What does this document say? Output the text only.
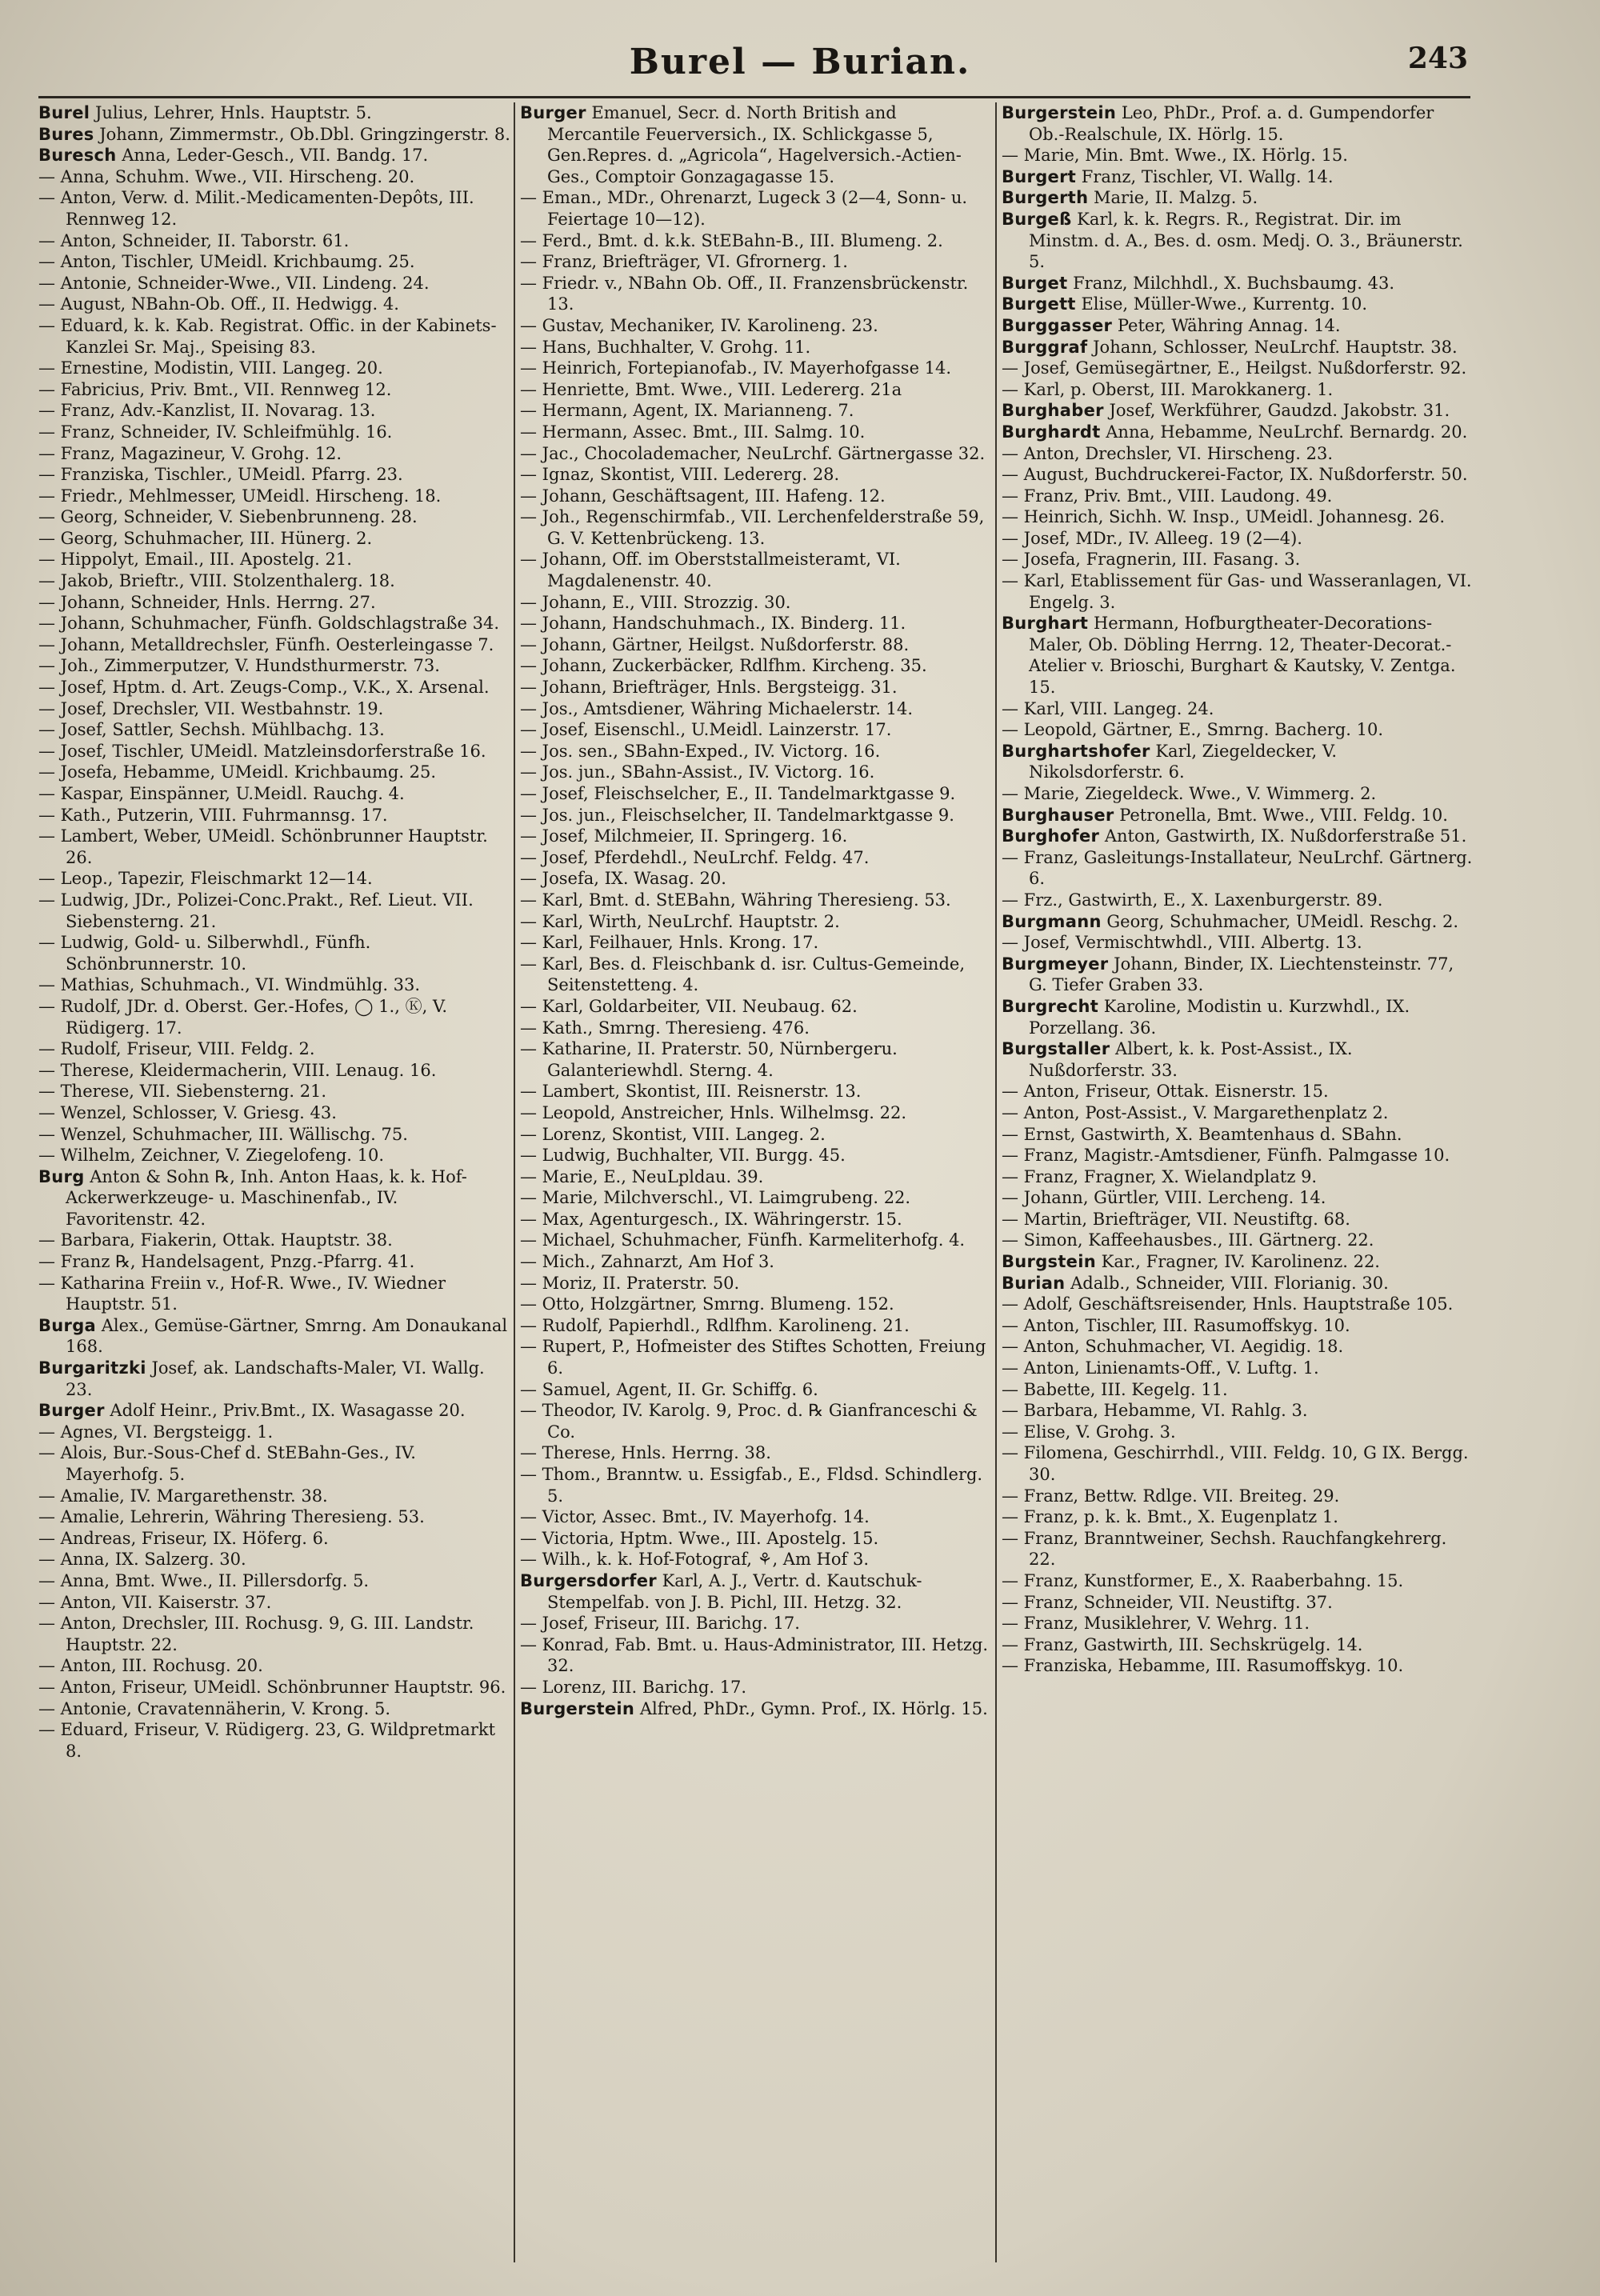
Burel — Burian.	243

Burel Julius, Lehrer, Hnls. Hauptstr. 5.

Bures Johann, Zimmermstr., Ob.Dbl. Gringzingerstr. 8.

Buresch Anna, Leder-Gesch., VII. Bandg. 17.

— Anna, Schuhm. Wwe., VII. Hirscheng. 20.

— Anton, Verw. d. Milit.-Medicamenten-Depôts, III. Rennweg 12.

— Anton, Schneider, II. Taborstr. 61.

— Anton, Tischler, UMeidl. Krichbaumg. 25.

— Antonie, Schneider-Wwe., VII. Lindeng. 24.

— August, NBahn-Ob. Off., II. Hedwigg. 4.

— Eduard, k. k. Kab. Registrat. Offic. in der Kabinets-Kanzlei Sr. Maj., Speising 83.

— Ernestine, Modistin, VIII. Langeg. 20.

— Fabricius, Priv. Bmt., VII. Rennweg 12.

— Franz, Adv.-Kanzlist, II. Novarag. 13.

— Franz, Schneider, IV. Schleifmühlg. 16.

— Franz, Magazineur, V. Grohg. 12.

— Franziska, Tischler., UMeidl. Pfarrg. 23.

— Friedr., Mehlmesser, UMeidl. Hirscheng. 18.

— Georg, Schneider, V. Siebenbrunneng. 28.

— Georg, Schuhmacher, III. Hünerg. 2.

— Hippolyt, Email., III. Apostelg. 21.

— Jakob, Brieftr., VIII. Stolzenthalerg. 18.

— Johann, Schneider, Hnls. Herrng. 27.

— Johann, Schuhmacher, Fünfh. Goldschlagstraße 34.

— Johann, Metalldrechsler, Fünfh. Oesterleingasse 7.

— Joh., Zimmerputzer, V. Hundsthurmerstr. 73.

— Josef, Hptm. d. Art. Zeugs-Comp., V.K., X. Arsenal.

— Josef, Drechsler, VII. Westbahnstr. 19.

— Josef, Sattler, Sechsh. Mühlbachg. 13.

— Josef, Tischler, UMeidl. Matzleinsdorferstraße 16.

— Josefa, Hebamme, UMeidl. Krichbaumg. 25.

— Kaspar, Einspänner, U.Meidl. Rauchg. 4.

— Kath., Putzerin, VIII. Fuhrmannsg. 17.

— Lambert, Weber, UMeidl. Schönbrunner Hauptstr. 26.

— Leop., Tapezir, Fleischmarkt 12—14.

— Ludwig, JDr., Polizei-Conc.Prakt., Ref. Lieut. VII. Siebensterng. 21.

— Ludwig, Gold- u. Silberwhdl., Fünfh. Schönbrunnerstr. 10.

— Mathias, Schuhmach., VI. Windmühlg. 33.

— Rudolf, JDr. d. Oberst. Ger.-Hofes, ◯ 1., Ⓚ, V. Rüdigerg. 17.

— Rudolf, Friseur, VIII. Feldg. 2.

— Therese, Kleidermacherin, VIII. Lenaug. 16.

— Therese, VII. Siebensterng. 21.

— Wenzel, Schlosser, V. Griesg. 43.

— Wenzel, Schuhmacher, III. Wällischg. 75.

— Wilhelm, Zeichner, V. Ziegelofeng. 10.

Burg Anton & Sohn ℞, Inh. Anton Haas, k. k. Hof-Ackerwerkzeuge- u. Maschinenfab., IV. Favoritenstr. 42.

— Barbara, Fiakerin, Ottak. Hauptstr. 38.

— Franz ℞, Handelsagent, Pnzg.-Pfarrg. 41.

— Katharina Freiin v., Hof-R. Wwe., IV. Wiedner Hauptstr. 51.

Burga Alex., Gemüse-Gärtner, Smrng. Am Donaukanal 168.

Burgaritzki Josef, ak. Landschafts-Maler, VI. Wallg. 23.

Burger Adolf Heinr., Priv.Bmt., IX. Wasagasse 20.

— Agnes, VI. Bergsteigg. 1.

— Alois, Bur.-Sous-Chef d. StEBahn-Ges., IV. Mayerhofg. 5.

— Amalie, IV. Margarethenstr. 38.

— Amalie, Lehrerin, Währing Theresieng. 53.

— Andreas, Friseur, IX. Höferg. 6.

— Anna, IX. Salzerg. 30.

— Anna, Bmt. Wwe., II. Pillersdorfg. 5.

— Anton, VII. Kaiserstr. 37.

— Anton, Drechsler, III. Rochusg. 9, G. III. Landstr. Hauptstr. 22.

— Anton, III. Rochusg. 20.

— Anton, Friseur, UMeidl. Schönbrunner Hauptstr. 96.

— Antonie, Cravatennäherin, V. Krong. 5.

— Eduard, Friseur, V. Rüdigerg. 23, G. Wildpretmarkt 8.

Burger Emanuel, Secr. d. North British and Mercantile Feuerversich., IX. Schlickgasse 5, Gen.Repres. d. „Agricola“, Hagelversich.-Actien-Ges., Comptoir Gonzagagasse 15.

— Eman., MDr., Ohrenarzt, Lugeck 3 (2—4, Sonn- u. Feiertage 10—12).

— Ferd., Bmt. d. k.k. StEBahn-B., III. Blumeng. 2.

— Franz, Briefträger, VI. Gfrornerg. 1.

— Friedr. v., NBahn Ob. Off., II. Franzensbrückenstr. 13.

— Gustav, Mechaniker, IV. Karolineng. 23.

— Hans, Buchhalter, V. Grohg. 11.

— Heinrich, Fortepianofab., IV. Mayerhofgasse 14.

— Henriette, Bmt. Wwe., VIII. Ledererg. 21a

— Hermann, Agent, IX. Marianneng. 7.

— Hermann, Assec. Bmt., III. Salmg. 10.

— Jac., Chocolademacher, NeuLrchf. Gärtnergasse 32.

— Ignaz, Skontist, VIII. Ledererg. 28.

— Johann, Geschäftsagent, III. Hafeng. 12.

— Joh., Regenschirmfab., VII. Lerchenfelderstraße 59, G. V. Kettenbrückeng. 13.

— Johann, Off. im Oberststallmeisteramt, VI. Magdalenenstr. 40.

— Johann, E., VIII. Strozzig. 30.

— Johann, Handschuhmach., IX. Binderg. 11.

— Johann, Gärtner, Heilgst. Nußdorferstr. 88.

— Johann, Zuckerbäcker, Rdlfhm. Kircheng. 35.

— Johann, Briefträger, Hnls. Bergsteigg. 31.

— Jos., Amtsdiener, Währing Michaelerstr. 14.

— Josef, Eisenschl., U.Meidl. Lainzerstr. 17.

— Jos. sen., SBahn-Exped., IV. Victorg. 16.

— Jos. jun., SBahn-Assist., IV. Victorg. 16.

— Josef, Fleischselcher, E., II. Tandelmarktgasse 9.

— Jos. jun., Fleischselcher, II. Tandelmarktgasse 9.

— Josef, Milchmeier, II. Springerg. 16.

— Josef, Pferdehdl., NeuLrchf. Feldg. 47.

— Josefa, IX. Wasag. 20.

— Karl, Bmt. d. StEBahn, Währing Theresieng. 53.

— Karl, Wirth, NeuLrchf. Hauptstr. 2.

— Karl, Feilhauer, Hnls. Krong. 17.

— Karl, Bes. d. Fleischbank d. isr. Cultus-Gemeinde, Seitenstetteng. 4.

— Karl, Goldarbeiter, VII. Neubaug. 62.

— Kath., Smrng. Theresieng. 476.

— Katharine, II. Praterstr. 50, Nürnbergeru. Galanteriewhdl. Sterng. 4.

— Lambert, Skontist, III. Reisnerstr. 13.

— Leopold, Anstreicher, Hnls. Wilhelmsg. 22.

— Lorenz, Skontist, VIII. Langeg. 2.

— Ludwig, Buchhalter, VII. Burgg. 45.

— Marie, E., NeuLpldau. 39.

— Marie, Milchverschl., VI. Laimgrubeng. 22.

— Max, Agenturgesch., IX. Währingerstr. 15.

— Michael, Schuhmacher, Fünfh. Karmeliterhofg. 4.

— Mich., Zahnarzt, Am Hof 3.

— Moriz, II. Praterstr. 50.

— Otto, Holzgärtner, Smrng. Blumeng. 152.

— Rudolf, Papierhdl., Rdlfhm. Karolineng. 21.

— Rupert, P., Hofmeister des Stiftes Schotten, Freiung 6.

— Samuel, Agent, II. Gr. Schiffg. 6.

— Theodor, IV. Karolg. 9, Proc. d. ℞ Gianfranceschi & Co.

— Therese, Hnls. Herrng. 38.

— Thom., Branntw. u. Essigfab., E., Fldsd. Schindlerg. 5.

— Victor, Assec. Bmt., IV. Mayerhofg. 14.

— Victoria, Hptm. Wwe., III. Apostelg. 15.

— Wilh., k. k. Hof-Fotograf, ⚘, Am Hof 3.

Burgersdorfer Karl, A. J., Vertr. d. Kautschuk-Stempelfab. von J. B. Pichl, III. Hetzg. 32.

— Josef, Friseur, III. Barichg. 17.

— Konrad, Fab. Bmt. u. Haus-Administrator, III. Hetzg. 32.

— Lorenz, III. Barichg. 17.

Burgerstein Alfred, PhDr., Gymn. Prof., IX. Hörlg. 15.

Burgerstein Leo, PhDr., Prof. a. d. Gumpendorfer Ob.-Realschule, IX. Hörlg. 15.

— Marie, Min. Bmt. Wwe., IX. Hörlg. 15.

Burgert Franz, Tischler, VI. Wallg. 14.

Burgerth Marie, II. Malzg. 5.

Burgeß Karl, k. k. Regrs. R., Registrat. Dir. im Minstm. d. A., Bes. d. osm. Medj. O. 3., Bräunerstr. 5.

Burget Franz, Milchhdl., X. Buchsbaumg. 43.

Burgett Elise, Müller-Wwe., Kurrentg. 10.

Burggasser Peter, Währing Annag. 14.

Burggraf Johann, Schlosser, NeuLrchf. Hauptstr. 38.

— Josef, Gemüsegärtner, E., Heilgst. Nußdorferstr. 92.

— Karl, p. Oberst, III. Marokkanerg. 1.

Burghaber Josef, Werkführer, Gaudzd. Jakobstr. 31.

Burghardt Anna, Hebamme, NeuLrchf. Bernardg. 20.

— Anton, Drechsler, VI. Hirscheng. 23.

— August, Buchdruckerei-Factor, IX. Nußdorferstr. 50.

— Franz, Priv. Bmt., VIII. Laudong. 49.

— Heinrich, Sichh. W. Insp., UMeidl. Johannesg. 26.

— Josef, MDr., IV. Alleeg. 19 (2—4).

— Josefa, Fragnerin, III. Fasang. 3.

— Karl, Etablissement für Gas- und Wasseranlagen, VI. Engelg. 3.

Burghart Hermann, Hofburgtheater-Decorations-Maler, Ob. Döbling Herrng. 12, Theater-Decorat.-Atelier v. Brioschi, Burghart & Kautsky, V. Zentga. 15.

— Karl, VIII. Langeg. 24.

— Leopold, Gärtner, E., Smrng. Bacherg. 10.

Burghartshofer Karl, Ziegeldecker, V. Nikolsdorferstr. 6.

— Marie, Ziegeldeck. Wwe., V. Wimmerg. 2.

Burghauser Petronella, Bmt. Wwe., VIII. Feldg. 10.

Burghofer Anton, Gastwirth, IX. Nußdorferstraße 51.

— Franz, Gasleitungs-Installateur, NeuLrchf. Gärtnerg. 6.

— Frz., Gastwirth, E., X. Laxenburgerstr. 89.

Burgmann Georg, Schuhmacher, UMeidl. Reschg. 2.

— Josef, Vermischtwhdl., VIII. Albertg. 13.

Burgmeyer Johann, Binder, IX. Liechtensteinstr. 77, G. Tiefer Graben 33.

Burgrecht Karoline, Modistin u. Kurzwhdl., IX. Porzellang. 36.

Burgstaller Albert, k. k. Post-Assist., IX. Nußdorferstr. 33.

— Anton, Friseur, Ottak. Eisnerstr. 15.

— Anton, Post-Assist., V. Margarethenplatz 2.

— Ernst, Gastwirth, X. Beamtenhaus d. SBahn.

— Franz, Magistr.-Amtsdiener, Fünfh. Palmgasse 10.

— Franz, Fragner, X. Wielandplatz 9.

— Johann, Gürtler, VIII. Lercheng. 14.

— Martin, Briefträger, VII. Neustiftg. 68.

— Simon, Kaffeehausbes., III. Gärtnerg. 22.

Burgstein Kar., Fragner, IV. Karolinenz. 22.

Burian Adalb., Schneider, VIII. Florianig. 30.

— Adolf, Geschäftsreisender, Hnls. Hauptstraße 105.

— Anton, Tischler, III. Rasumoffskyg. 10.

— Anton, Schuhmacher, VI. Aegidig. 18.

— Anton, Linienamts-Off., V. Luftg. 1.

— Babette, III. Kegelg. 11.

— Barbara, Hebamme, VI. Rahlg. 3.

— Elise, V. Grohg. 3.

— Filomena, Geschirrhdl., VIII. Feldg. 10, G IX. Bergg. 30.

— Franz, Bettw. Rdlge. VII. Breiteg. 29.

— Franz, p. k. k. Bmt., X. Eugenplatz 1.

— Franz, Branntweiner, Sechsh. Rauchfangkehrerg. 22.

— Franz, Kunstformer, E., X. Raaberbahng. 15.

— Franz, Schneider, VII. Neustiftg. 37.

— Franz, Musiklehrer, V. Wehrg. 11.

— Franz, Gastwirth, III. Sechskrügelg. 14.

— Franziska, Hebamme, III. Rasumoffskyg. 10.
